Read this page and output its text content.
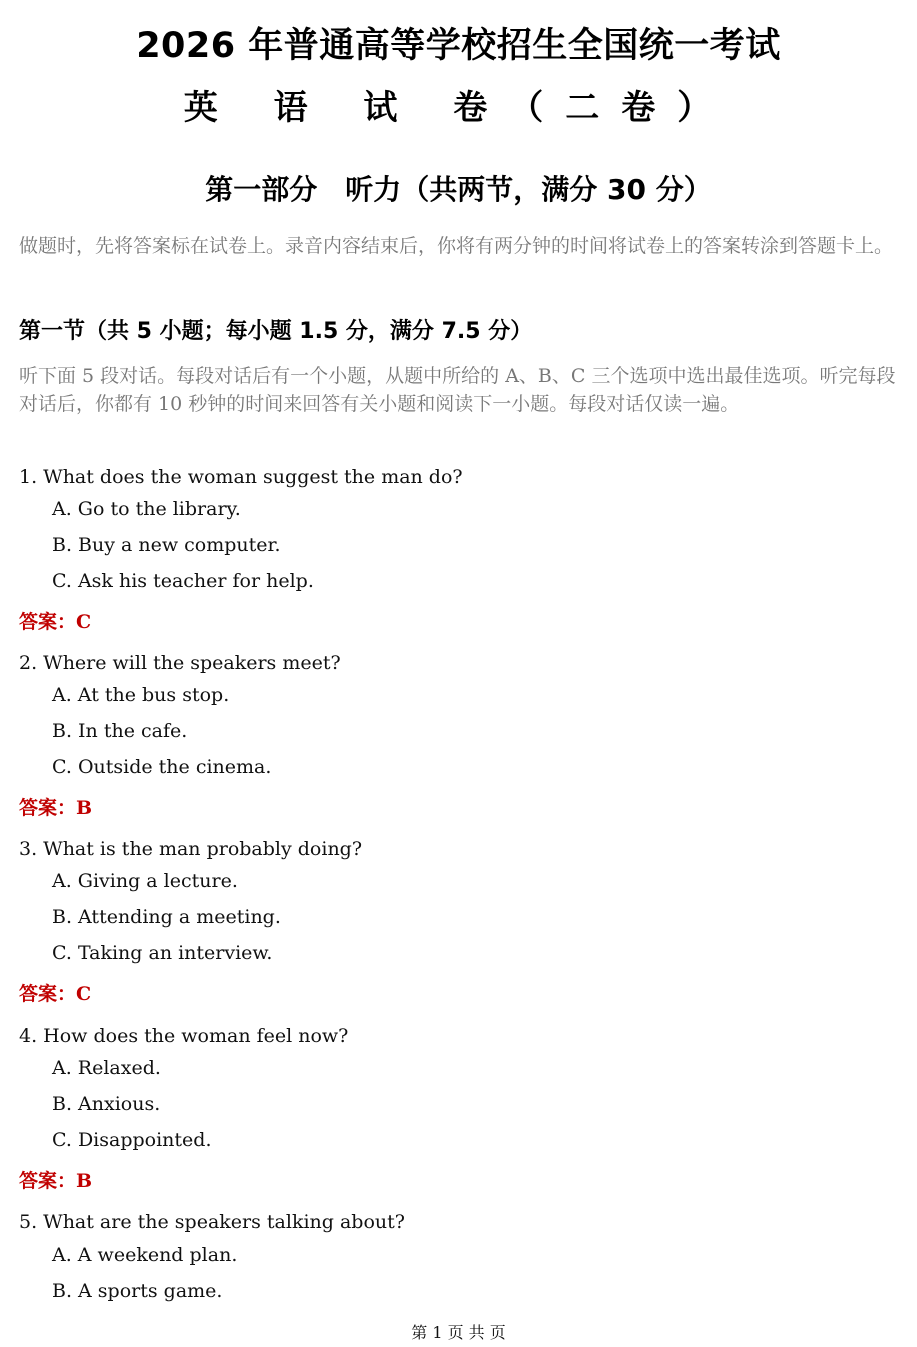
2026 年普通高等学校招生全国统一考试
英 语 试 卷（二卷）
第一部分　听力（共两节，满分 30 分）
做题时，先将答案标在试卷上。录音内容结束后，你将有两分钟的时间将试卷上的答案转涂到答题卡上。
第一节（共 5 小题；每小题 1.5 分，满分 7.5 分）
听下面 5 段对话。每段对话后有一个小题，从题中所给的 A、B、C 三个选项中选出最佳选项。听完每段对话后，你都有 10 秒钟的时间来回答有关小题和阅读下一小题。每段对话仅读一遍。
1. What does the woman suggest the man do?
A. Go to the library.
B. Buy a new computer.
C. Ask his teacher for help.
答案：C
2. Where will the speakers meet?
A. At the bus stop.
B. In the cafe.
C. Outside the cinema.
答案：B
3. What is the man probably doing?
A. Giving a lecture.
B. Attending a meeting.
C. Taking an interview.
答案：C
4. How does the woman feel now?
A. Relaxed.
B. Anxious.
C. Disappointed.
答案：B
5. What are the speakers talking about?
A. A weekend plan.
B. A sports game.
第 1 页 共 页
